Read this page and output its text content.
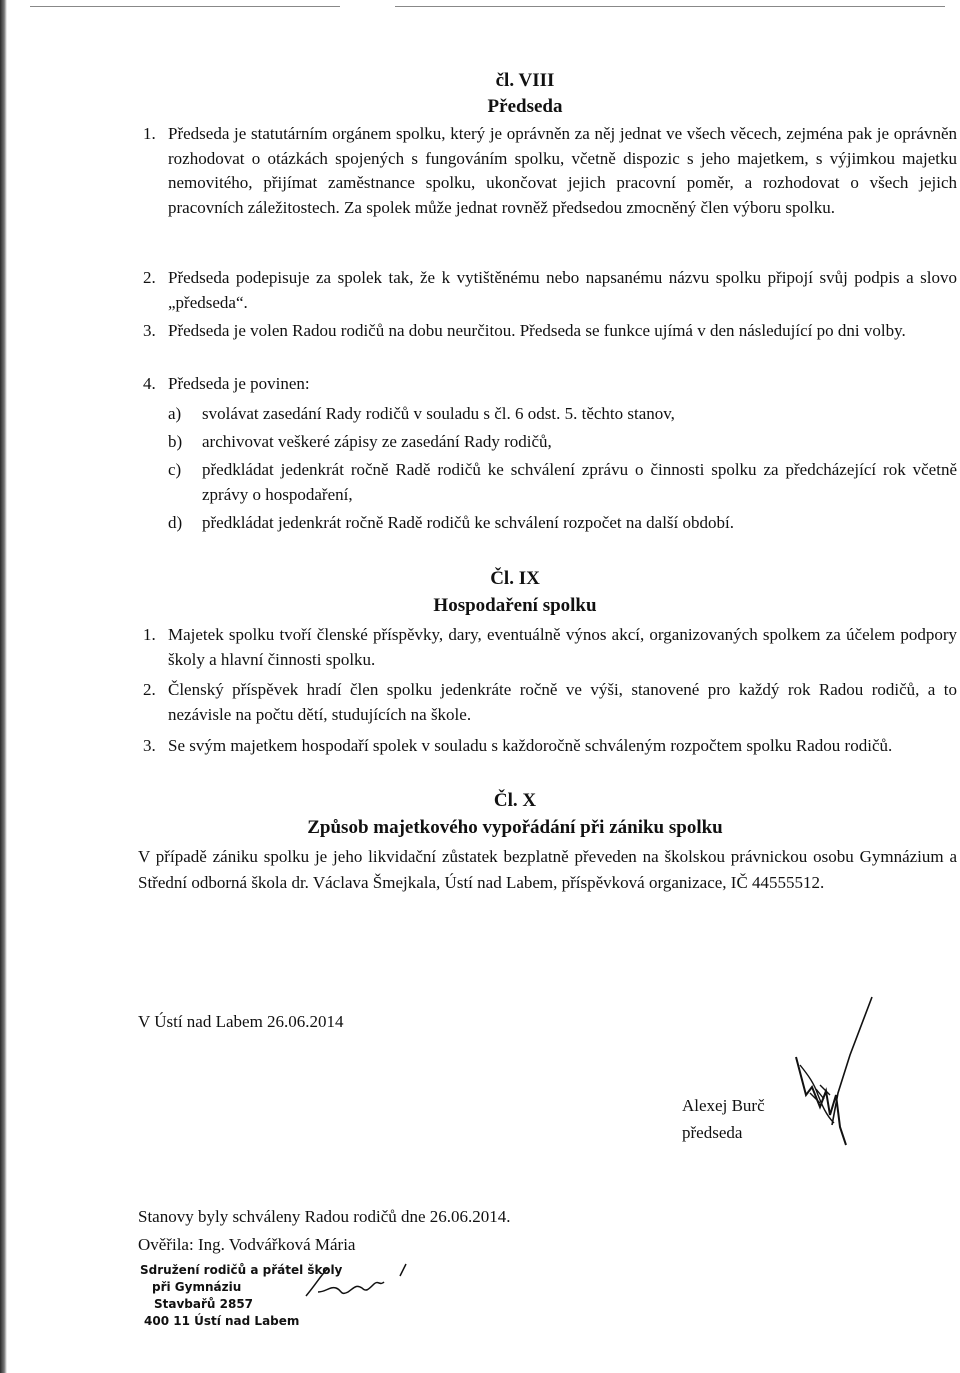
čl. VIII
Předseda
1. Předseda je statutárním orgánem spolku, který je oprávněn za něj jednat ve všech věcech, zejména pak je oprávněn rozhodovat o otázkách spojených s fungováním spolku, včetně dispozic s jeho majetkem, s výjimkou majetku nemovitého, přijímat zaměstnance spolku, ukončovat jejich pracovní poměr, a rozhodovat o všech jejich pracovních záležitostech. Za spolek může jednat rovněž předsedou zmocněný člen výboru spolku.
2. Předseda podepisuje za spolek tak, že k vytištěnému nebo napsanému názvu spolku připojí svůj podpis a slovo „předseda“.
3. Předseda je volen Radou rodičů na dobu neurčitou. Předseda se funkce ujímá v den následující po dni volby.
4. Předseda je povinen:
a) svolávat zasedání Rady rodičů v souladu s čl. 6 odst. 5. těchto stanov,
b) archivovat veškeré zápisy ze zasedání Rady rodičů,
c) předkládat jedenkrát ročně Radě rodičů ke schválení zprávu o činnosti spolku za předcházející rok včetně zprávy o hospodaření,
d) předkládat jedenkrát ročně Radě rodičů ke schválení rozpočet na další období.
Čl. IX
Hospodaření spolku
1. Majetek spolku tvoří členské příspěvky, dary, eventuálně výnos akcí, organizovaných spolkem za účelem podpory školy a hlavní činnosti spolku.
2. Členský příspěvek hradí člen spolku jedenkráte ročně ve výši, stanovené pro každý rok Radou rodičů, a to nezávisle na počtu dětí, studujících na škole.
3. Se svým majetkem hospodaří spolek v souladu s každoročně schváleným rozpočtem spolku Radou rodičů.
Čl. X
Způsob majetkového vypořádání při zániku spolku
V případě zániku spolku je jeho likvidační zůstatek bezplatně převeden na školskou právnickou osobu Gymnázium a Střední odborná škola dr. Václava Šmejkala, Ústí nad Labem, příspěvková organizace, IČ 44555512.
V Ústí nad Labem 26.06.2014
Alexej Burč
předseda
Stanovy byly schváleny Radou rodičů dne 26.06.2014.
Ověřila: Ing. Vodvářková Mária
Sdružení rodičů a přátel školy
při Gymnáziu
Stavbařů 2857
400 11 Ústí nad Labem
